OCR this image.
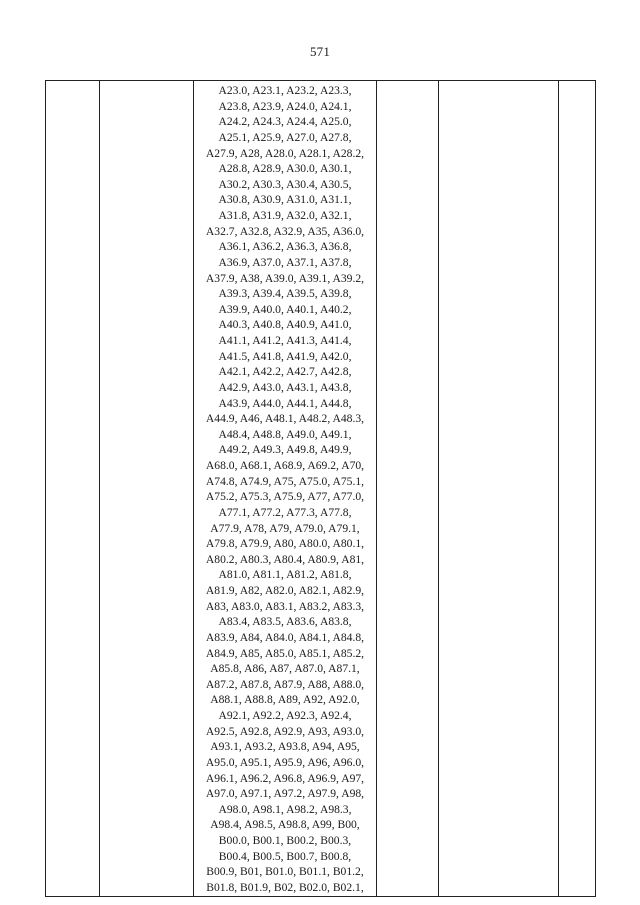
571

A23.0, A23.1, A23.2, A23.3,
A23.8, A23.9, A24.0, A24.1,
A24.2, A24.3, A24.4, A25.0,
A25.1, A25.9, A27.0, A27.8,
A27.9, A28, A28.0, A28.1, A28.2,
A28.8, A28.9, A30.0, A30.1,
A30.2, A30.3, A30.4, A30.5,
A30.8, A30.9, A31.0, A31.1,
A31.8, A31.9, A32.0, A32.1,
A32.7, A32.8, A32.9, A35, A36.0,
A36.1, A36.2, A36.3, A36.8,
A36.9, A37.0, A37.1, A37.8,
A37.9, A38, A39.0, A39.1, A39.2,
A39.3, A39.4, A39.5, A39.8,
A39.9, A40.0, A40.1, A40.2,
A40.3, A40.8, A40.9, A41.0,
A41.1, A41.2, A41.3, A41.4,
A41.5, A41.8, A41.9, A42.0,
A42.1, A42.2, A42.7, A42.8,
A42.9, A43.0, A43.1, A43.8,
A43.9, A44.0, A44.1, A44.8,
A44.9, A46, A48.1, A48.2, A48.3,
A48.4, A48.8, A49.0, A49.1,
A49.2, A49.3, A49.8, A49.9,
A68.0, A68.1, A68.9, A69.2, A70,
A74.8, A74.9, A75, A75.0, A75.1,
A75.2, A75.3, A75.9, A77, A77.0,
A77.1, A77.2, A77.3, A77.8,
A77.9, A78, A79, A79.0, A79.1,
A79.8, A79.9, A80, A80.0, A80.1,
A80.2, A80.3, A80.4, A80.9, A81,
A81.0, A81.1, A81.2, A81.8,
A81.9, A82, A82.0, A82.1, A82.9,
A83, A83.0, A83.1, A83.2, A83.3,
A83.4, A83.5, A83.6, A83.8,
A83.9, A84, A84.0, A84.1, A84.8,
A84.9, A85, A85.0, A85.1, A85.2,
A85.8, A86, A87, A87.0, A87.1,
A87.2, A87.8, A87.9, A88, A88.0,
A88.1, A88.8, A89, A92, A92.0,
A92.1, A92.2, A92.3, A92.4,
A92.5, A92.8, A92.9, A93, A93.0,
A93.1, A93.2, A93.8, A94, A95,
A95.0, A95.1, A95.9, A96, A96.0,
A96.1, A96.2, A96.8, A96.9, A97,
A97.0, A97.1, A97.2, A97.9, A98,
A98.0, A98.1, A98.2, A98.3,
A98.4, A98.5, A98.8, A99, B00,
B00.0, B00.1, B00.2, B00.3,
B00.4, B00.5, B00.7, B00.8,
B00.9, B01, B01.0, B01.1, B01.2,
B01.8, B01.9, B02, B02.0, B02.1,
